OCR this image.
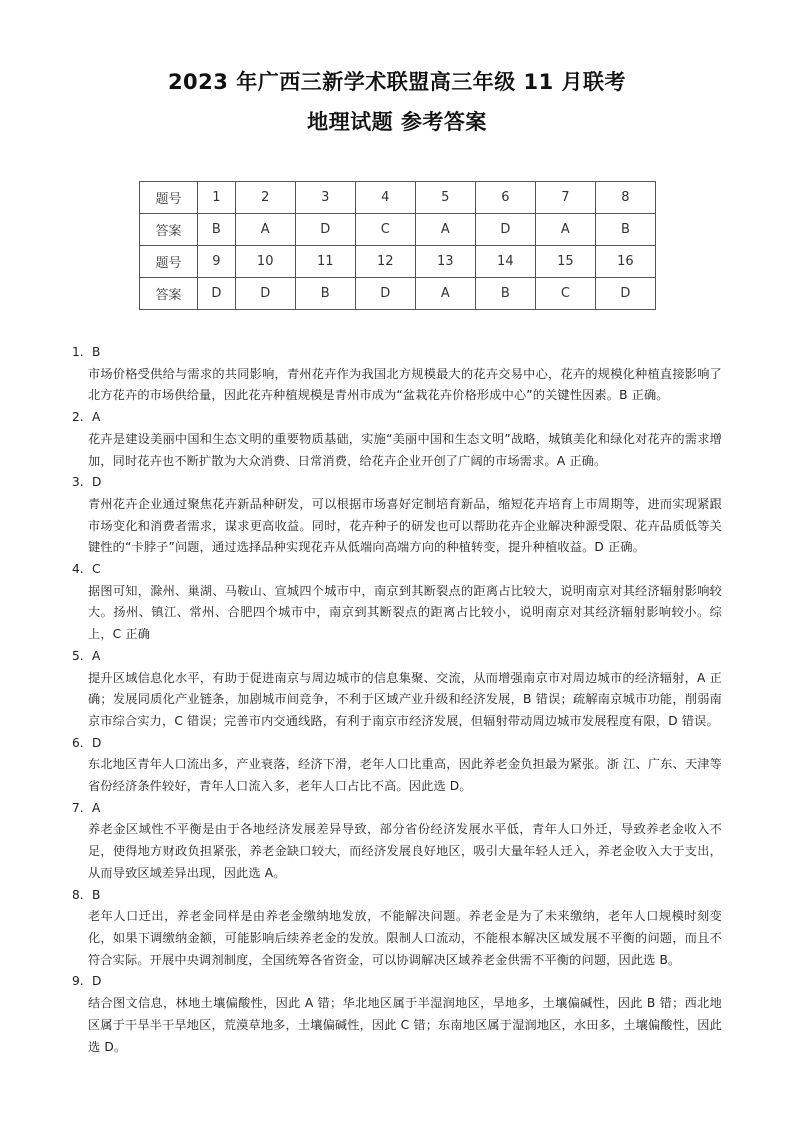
2023 年广西三新学术联盟高三年级 11 月联考
地理试题 参考答案
题号	1	2	3	4	5	6	7	8
答案	B	A	D	C	A	D	A	B
题号	9	10	11	12	13	14	15	16
答案	D	D	B	D	A	B	C	D
1. B
市场价格受供给与需求的共同影响，青州花卉作为我国北方规模最大的花卉交易中心，花卉的规模化种植直接影响了北方花卉的市场供给量，因此花卉种植规模是青州市成为“盆栽花卉价格形成中心”的关键性因素。B 正确。
2. A
花卉是建设美丽中国和生态文明的重要物质基础，实施“美丽中国和生态文明”战略，城镇美化和绿化对花卉的需求增加，同时花卉也不断扩散为大众消费、日常消费，给花卉企业开创了广阔的市场需求。A 正确。
3. D
青州花卉企业通过聚焦花卉新品种研发，可以根据市场喜好定制培育新品，缩短花卉培育上市周期等，进而实现紧跟市场变化和消费者需求，谋求更高收益。同时，花卉种子的研发也可以帮助花卉企业解决种源受限、花卉品质低等关键性的“卡脖子”问题，通过选择品种实现花卉从低端向高端方向的种植转变，提升种植收益。D 正确。
4. C
据图可知，滁州、巢湖、马鞍山、宣城四个城市中，南京到其断裂点的距离占比较大，说明南京对其经济辐射影响较大。扬州、镇江、常州、合肥四个城市中，南京到其断裂点的距离占比较小，说明南京对其经济辐射影响较小。综上，C 正确
5. A
提升区域信息化水平，有助于促进南京与周边城市的信息集聚、交流，从而增强南京市对周边城市的经济辐射，A 正确；发展同质化产业链条，加剧城市间竞争，不利于区域产业升级和经济发展，B 错误；疏解南京城市功能，削弱南京市综合实力，C 错误；完善市内交通线路，有利于南京市经济发展，但辐射带动周边城市发展程度有限，D 错误。
6. D
东北地区青年人口流出多，产业衰落，经济下滑，老年人口比重高，因此养老金负担最为紧张。浙 江、广东、天津等省份经济条件较好，青年人口流入多，老年人口占比不高。因此选 D。
7. A
养老金区域性不平衡是由于各地经济发展差异导致，部分省份经济发展水平低，青年人口外迁，导致养老金收入不足，使得地方财政负担紧张，养老金缺口较大，而经济发展良好地区，吸引大量年轻人迁入，养老金收入大于支出，从而导致区域差异出现，因此选 A。
8. B
老年人口迁出，养老金同样是由养老金缴纳地发放，不能解决问题。养老金是为了未来缴纳，老年人口规模时刻变化，如果下调缴纳金额，可能影响后续养老金的发放。限制人口流动，不能根本解决区域发展不平衡的问题，而且不符合实际。开展中央调剂制度，全国统筹各省资金，可以协调解决区域养老金供需不平衡的问题，因此选 B。
9. D
结合图文信息，林地土壤偏酸性，因此 A 错；华北地区属于半湿润地区，旱地多，土壤偏碱性，因此 B 错；西北地区属于干旱半干旱地区，荒漠草地多，土壤偏碱性，因此 C 错；东南地区属于湿润地区，水田多，土壤偏酸性，因此选 D。
